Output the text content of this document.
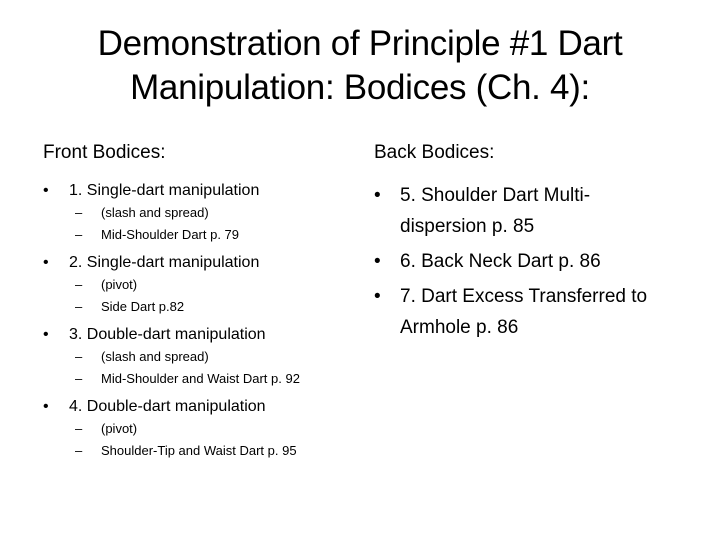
Demonstration of Principle #1 Dart
Manipulation: Bodices (Ch. 4):
Front Bodices:
•	1. Single-dart manipulation
–	(slash and spread)
–	Mid-Shoulder Dart p. 79
•	2. Single-dart manipulation
–	(pivot)
–	Side Dart p.82
•	3. Double-dart manipulation
–	(slash and spread)
–	Mid-Shoulder and Waist Dart p. 92
•	4. Double-dart manipulation
–	(pivot)
–	Shoulder-Tip and Waist Dart p. 95
Back Bodices:
•	5. Shoulder Dart Multi-dispersion p. 85
•	6. Back Neck Dart p. 86
•	7. Dart Excess Transferred to Armhole p. 86
